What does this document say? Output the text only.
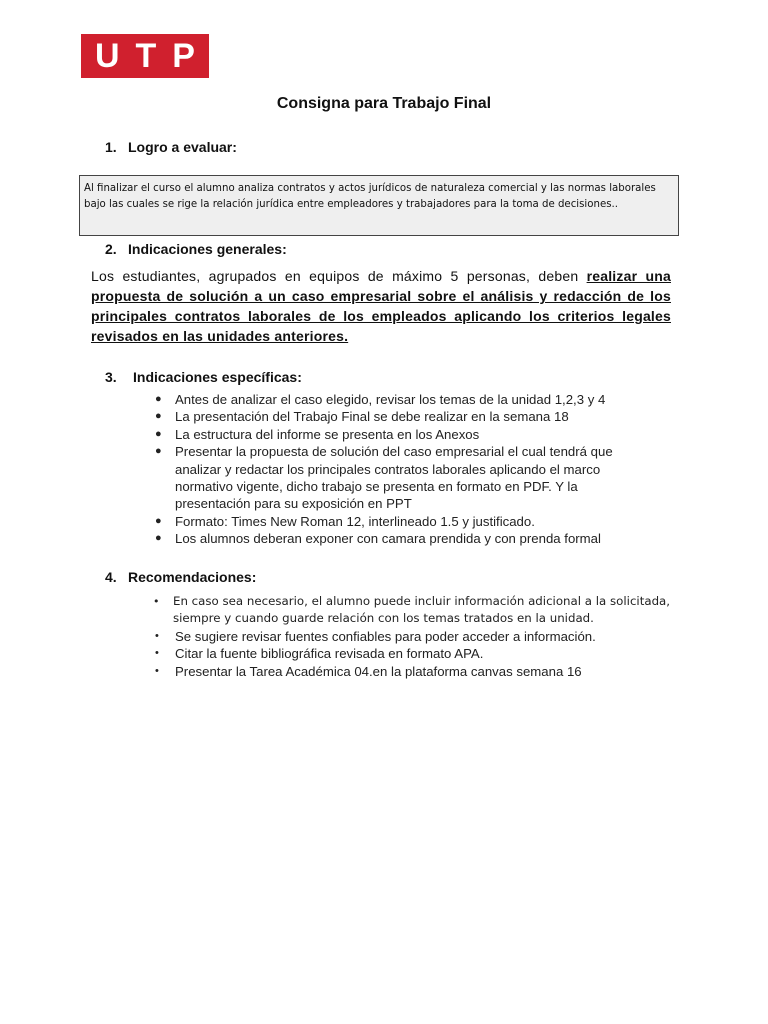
U T P
Consigna para Trabajo Final
1. Logro a evaluar:
Al finalizar el curso el alumno analiza contratos y actos jurídicos de naturaleza comercial y las normas laborales bajo las cuales se rige la relación jurídica entre empleadores y trabajadores para la toma de decisiones..
2. Indicaciones generales:
Los estudiantes, agrupados en equipos de máximo 5 personas, deben realizar una propuesta de solución a un caso empresarial sobre el análisis y redacción de los principales contratos laborales de los empleados aplicando los criterios legales revisados en las unidades anteriores.
3.	Indicaciones específicas:
● Antes de analizar el caso elegido, revisar los temas de la unidad 1,2,3 y 4
● La presentación del Trabajo Final se debe realizar en la semana 18
● La estructura del informe se presenta en los Anexos
● Presentar la propuesta de solución del caso empresarial el cual tendrá que analizar y redactar los principales contratos laborales aplicando el marco normativo vigente, dicho trabajo se presenta en formato en PDF. Y la presentación para su exposición en PPT
● Formato: Times New Roman 12, interlineado 1.5 y justificado.
● Los alumnos deberan exponer con camara prendida y con prenda formal
4. Recomendaciones:
• En caso sea necesario, el alumno puede incluir información adicional a la solicitada, siempre y cuando guarde relación con los temas tratados en la unidad.
• Se sugiere revisar fuentes confiables para poder acceder a información.
• Citar la fuente bibliográfica revisada en formato APA.
• Presentar la Tarea Académica 04.en la plataforma canvas semana 16
